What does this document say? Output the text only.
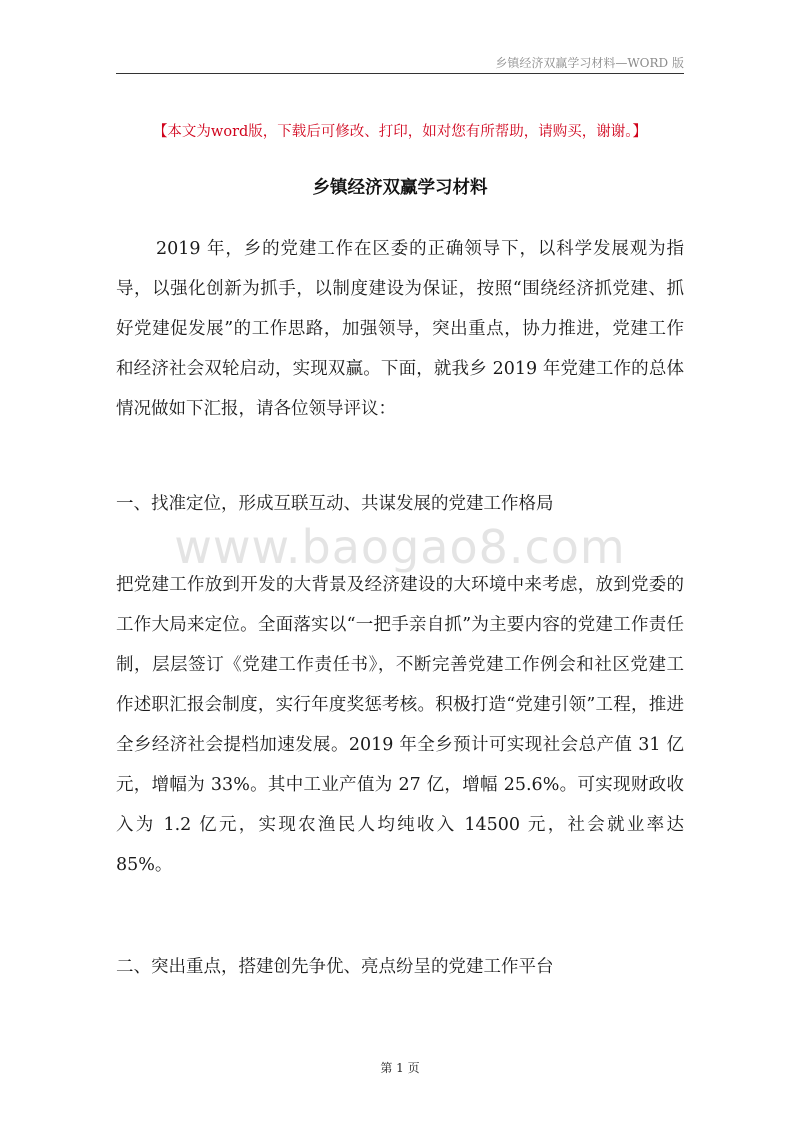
乡镇经济双赢学习材料—WORD 版
【本文为word版，下载后可修改、打印，如对您有所帮助，请购买，谢谢。】
乡镇经济双赢学习材料

2019 年，乡的党建工作在区委的正确领导下，以科学发展观为指导，以强化创新为抓手，以制度建设为保证，按照“围绕经济抓党建、抓好党建促发展”的工作思路，加强领导，突出重点，协力推进，党建工作和经济社会双轮启动，实现双赢。下面，就我乡 2019 年党建工作的总体情况做如下汇报，请各位领导评议：

一、找准定位，形成互联互动、共谋发展的党建工作格局
www.baogao8.com

把党建工作放到开发的大背景及经济建设的大环境中来考虑，放到党委的工作大局来定位。全面落实以“一把手亲自抓”为主要内容的党建工作责任制，层层签订《党建工作责任书》，不断完善党建工作例会和社区党建工作述职汇报会制度，实行年度奖惩考核。积极打造“党建引领”工程，推进全乡经济社会提档加速发展。2019 年全乡预计可实现社会总产值 31 亿元，增幅为 33%。其中工业产值为 27 亿，增幅 25.6%。可实现财政收入为 1.2 亿元，实现农渔民人均纯收入 14500 元，社会就业率达 85%。

二、突出重点，搭建创先争优、亮点纷呈的党建工作平台
第 1 页
